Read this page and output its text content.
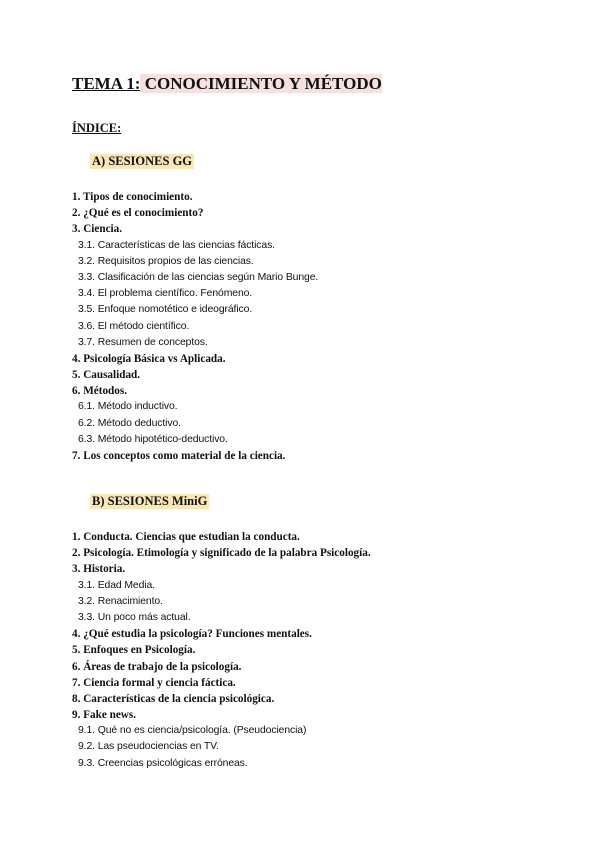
TEMA 1: CONOCIMIENTO Y MÉTODO
ÍNDICE:
A) SESIONES GG
1. Tipos de conocimiento.
2. ¿Qué es el conocimiento?
3. Ciencia.
3.1. Características de las ciencias fácticas.
3.2. Requisitos propios de las ciencias.
3.3. Clasificación de las ciencias según Mario Bunge.
3.4. El problema científico. Fenómeno.
3.5. Enfoque nomotético e ideográfico.
3.6. El método científico.
3.7. Resumen de conceptos.
4. Psicología Básica vs Aplicada.
5. Causalidad.
6. Métodos.
6.1. Método inductivo.
6.2. Método deductivo.
6.3. Método hipotético-deductivo.
7. Los conceptos como material de la ciencia.
B) SESIONES MiniG
1. Conducta. Ciencias que estudian la conducta.
2. Psicología. Etimología y significado de la palabra Psicología.
3. Historia.
3.1. Edad Media.
3.2. Renacimiento.
3.3. Un poco más actual.
4. ¿Qué estudia la psicología? Funciones mentales.
5. Enfoques en Psicología.
6. Áreas de trabajo de la psicología.
7. Ciencia formal y ciencia fáctica.
8. Características de la ciencia psicológica.
9. Fake news.
9.1. Qué no es ciencia/psicología. (Pseudociencia)
9.2. Las pseudociencias en TV.
9.3. Creencias psicológicas erróneas.
